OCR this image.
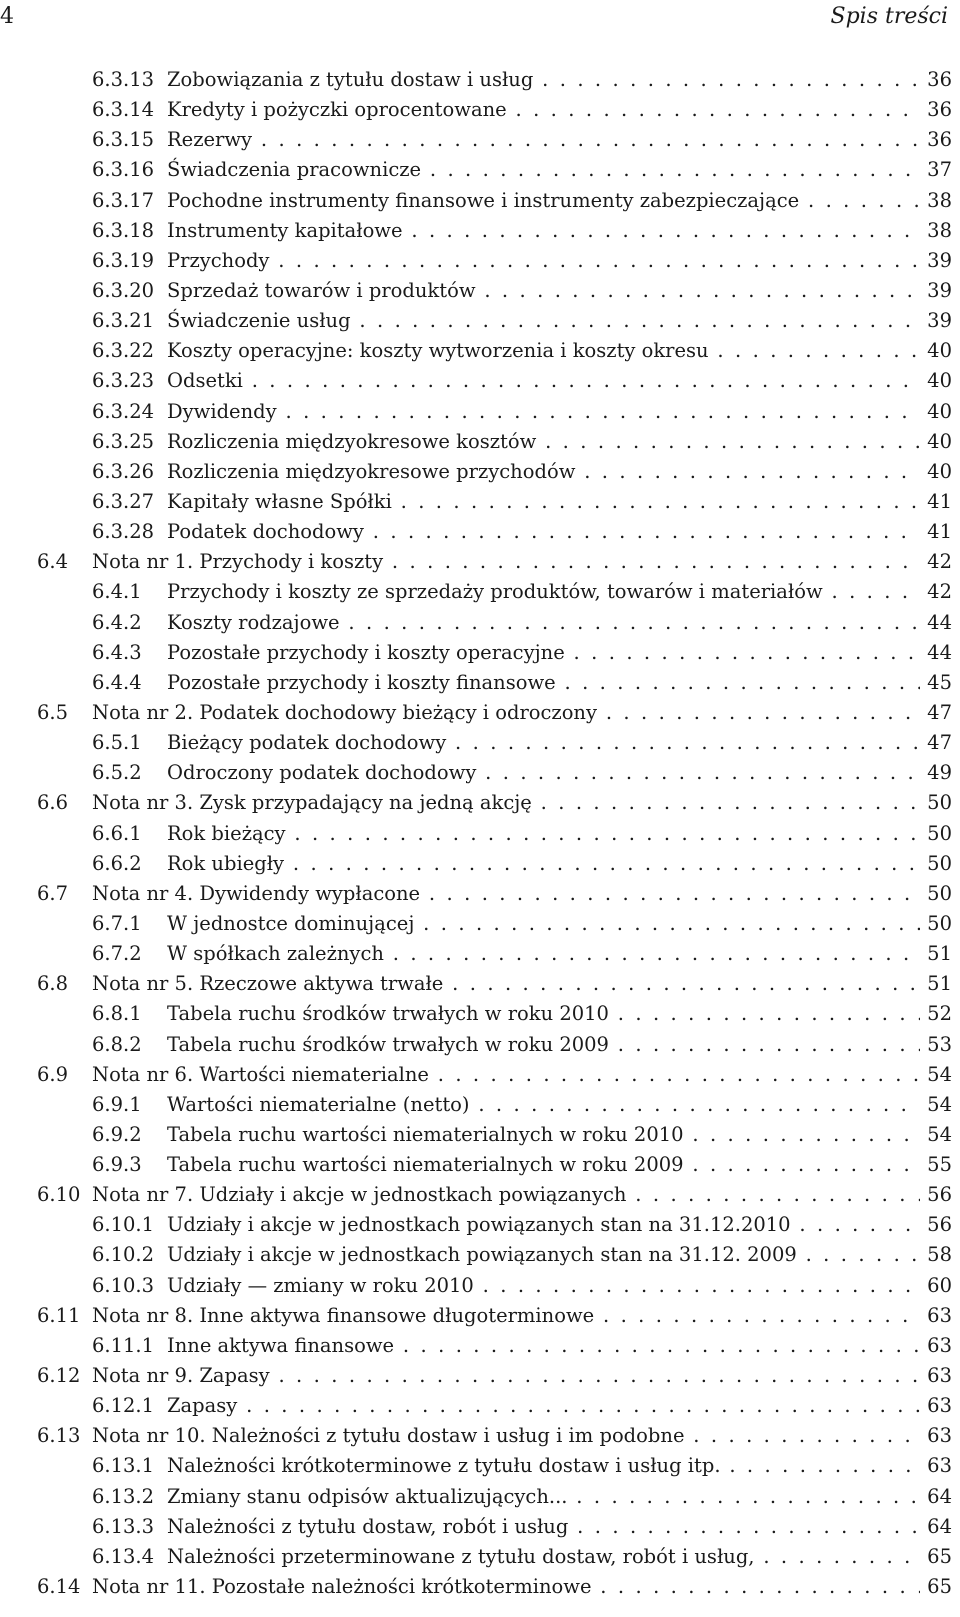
4	Spis treści
6.3.13 Zobowiązania z tytułu dostaw i usług . . .	36
6.3.14 Kredyty i pożyczki oprocentowane . . .	36
6.3.15 Rezerwy . . .	36
6.3.16 Świadczenia pracownicze . . .	37
6.3.17 Pochodne instrumenty finansowe i instrumenty zabezpieczające . . .	38
6.3.18 Instrumenty kapitałowe . . .	38
6.3.19 Przychody . . .	39
6.3.20 Sprzedaż towarów i produktów . . .	39
6.3.21 Świadczenie usług . . .	39
6.3.22 Koszty operacyjne: koszty wytworzenia i koszty okresu . . .	40
6.3.23 Odsetki . . .	40
6.3.24 Dywidendy . . .	40
6.3.25 Rozliczenia międzyokresowe kosztów . . .	40
6.3.26 Rozliczenia międzyokresowe przychodów . . .	40
6.3.27 Kapitały własne Spółki . . .	41
6.3.28 Podatek dochodowy . . .	41
6.4 Nota nr 1. Przychody i koszty . . .	42
6.4.1 Przychody i koszty ze sprzedaży produktów, towarów i materiałów . . .	42
6.4.2 Koszty rodzajowe . . .	44
6.4.3 Pozostałe przychody i koszty operacyjne . . .	44
6.4.4 Pozostałe przychody i koszty finansowe . . .	45
6.5 Nota nr 2. Podatek dochodowy bieżący i odroczony . . .	47
6.5.1 Bieżący podatek dochodowy . . .	47
6.5.2 Odroczony podatek dochodowy . . .	49
6.6 Nota nr 3. Zysk przypadający na jedną akcję . . .	50
6.6.1 Rok bieżący . . .	50
6.6.2 Rok ubiegły . . .	50
6.7 Nota nr 4. Dywidendy wypłacone . . .	50
6.7.1 W jednostce dominującej . . .	50
6.7.2 W spółkach zależnych . . .	51
6.8 Nota nr 5. Rzeczowe aktywa trwałe . . .	51
6.8.1 Tabela ruchu środków trwałych w roku 2010 . . .	52
6.8.2 Tabela ruchu środków trwałych w roku 2009 . . .	53
6.9 Nota nr 6. Wartości niematerialne . . .	54
6.9.1 Wartości niematerialne (netto) . . .	54
6.9.2 Tabela ruchu wartości niematerialnych w roku 2010 . . .	54
6.9.3 Tabela ruchu wartości niematerialnych w roku 2009 . . .	55
6.10 Nota nr 7. Udziały i akcje w jednostkach powiązanych . . .	56
6.10.1 Udziały i akcje w jednostkach powiązanych stan na 31.12.2010 . . .	56
6.10.2 Udziały i akcje w jednostkach powiązanych stan na 31.12. 2009 . . .	58
6.10.3 Udziały — zmiany w roku 2010 . . .	60
6.11 Nota nr 8. Inne aktywa finansowe długoterminowe . . .	63
6.11.1 Inne aktywa finansowe . . .	63
6.12 Nota nr 9. Zapasy . . .	63
6.12.1 Zapasy . . .	63
6.13 Nota nr 10. Należności z tytułu dostaw i usług i im podobne . . .	63
6.13.1 Należności krótkoterminowe z tytułu dostaw i usług itp. . . .	63
6.13.2 Zmiany stanu odpisów aktualizujących... . . .	64
6.13.3 Należności z tytułu dostaw, robót i usług . . .	64
6.13.4 Należności przeterminowane z tytułu dostaw, robót i usług, . . .	65
6.14 Nota nr 11. Pozostałe należności krótkoterminowe . . .	65
